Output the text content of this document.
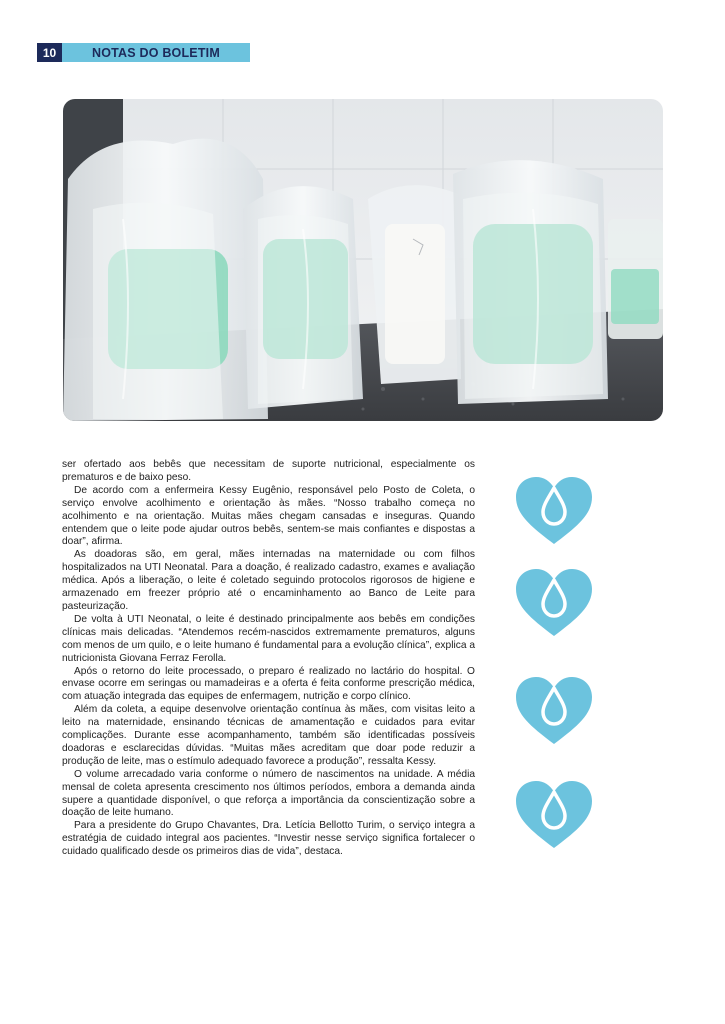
10	NOTAS DO BOLETIM

ser ofertado aos bebês que necessitam de suporte nutricional, especialmente os prematuros e de baixo peso.

De acordo com a enfermeira Kessy Eugênio, responsável pelo Posto de Coleta, o serviço envolve acolhimento e orientação às mães. “Nosso trabalho começa no acolhimento e na orientação. Muitas mães chegam cansadas e inseguras. Quando entendem que o leite pode ajudar outros bebês, sentem-se mais confiantes e dispostas a doar”, afirma.

As doadoras são, em geral, mães internadas na maternidade ou com filhos hospitalizados na UTI Neonatal. Para a doação, é realizado cadastro, exames e avaliação médica. Após a liberação, o leite é coletado seguindo protocolos rigorosos de higiene e armazenado em freezer próprio até o encaminhamento ao Banco de Leite para pasteurização.

De volta à UTI Neonatal, o leite é destinado principalmente aos bebês em condições clínicas mais delicadas. “Atendemos recém-nascidos extremamente prematuros, alguns com menos de um quilo, e o leite humano é fundamental para a evolução clínica”, explica a nutricionista Giovana Ferraz Ferolla.

Após o retorno do leite processado, o preparo é realizado no lactário do hospital. O envase ocorre em seringas ou mamadeiras e a oferta é feita conforme prescrição médica, com atuação integrada das equipes de enfermagem, nutrição e corpo clínico.

Além da coleta, a equipe desenvolve orientação contínua às mães, com visitas leito a leito na maternidade, ensinando técnicas de amamentação e cuidados para evitar complicações. Durante esse acompanhamento, também são identificadas possíveis doadoras e esclarecidas dúvidas. “Muitas mães acreditam que doar pode reduzir a produção de leite, mas o estímulo adequado favorece a produção”, ressalta Kessy.

O volume arrecadado varia conforme o número de nascimentos na unidade. A média mensal de coleta apresenta crescimento nos últimos períodos, embora a demanda ainda supere a quantidade disponível, o que reforça a importância da conscientização sobre a doação de leite humano.

Para a presidente do Grupo Chavantes, Dra. Letícia Bellotto Turim, o serviço integra a estratégia de cuidado integral aos pacientes. “Investir nesse serviço significa fortalecer o cuidado qualificado desde os primeiros dias de vida”, destaca.
